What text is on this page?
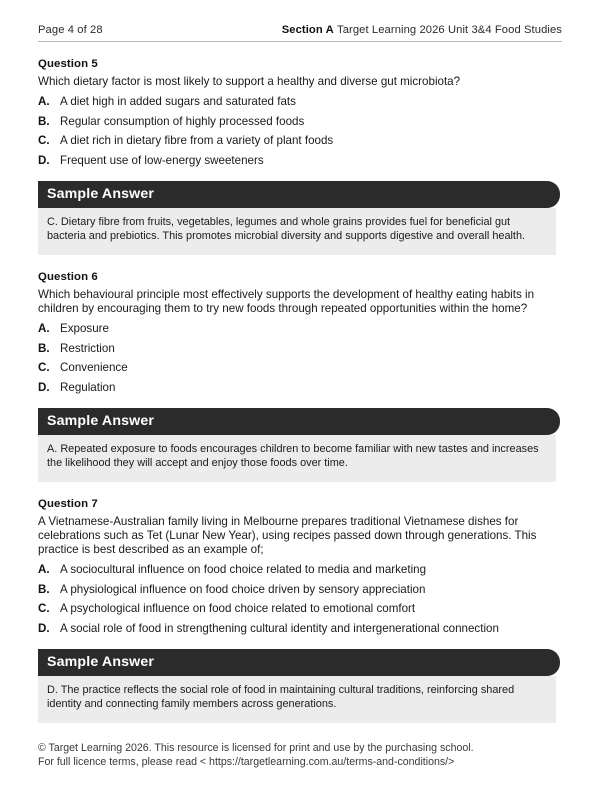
Page 4 of 28	Section A Target Learning 2026 Unit 3&4 Food Studies
Question 5
Which dietary factor is most likely to support a healthy and diverse gut microbiota?
A. A diet high in added sugars and saturated fats
B. Regular consumption of highly processed foods
C. A diet rich in dietary fibre from a variety of plant foods
D. Frequent use of low-energy sweeteners
Sample Answer
C. Dietary fibre from fruits, vegetables, legumes and whole grains provides fuel for beneficial gut bacteria and prebiotics. This promotes microbial diversity and supports digestive and overall health.
Question 6
Which behavioural principle most effectively supports the development of healthy eating habits in children by encouraging them to try new foods through repeated opportunities within the home?
A. Exposure
B. Restriction
C. Convenience
D. Regulation
Sample Answer
A. Repeated exposure to foods encourages children to become familiar with new tastes and increases the likelihood they will accept and enjoy those foods over time.
Question 7
A Vietnamese-Australian family living in Melbourne prepares traditional Vietnamese dishes for celebrations such as Tet (Lunar New Year), using recipes passed down through generations. This practice is best described as an example of;
A. A sociocultural influence on food choice related to media and marketing
B. A physiological influence on food choice driven by sensory appreciation
C. A psychological influence on food choice related to emotional comfort
D. A social role of food in strengthening cultural identity and intergenerational connection
Sample Answer
D. The practice reflects the social role of food in maintaining cultural traditions, reinforcing shared identity and connecting family members across generations.
© Target Learning 2026. This resource is licensed for print and use by the purchasing school.
For full licence terms, please read < https://targetlearning.com.au/terms-and-conditions/>
